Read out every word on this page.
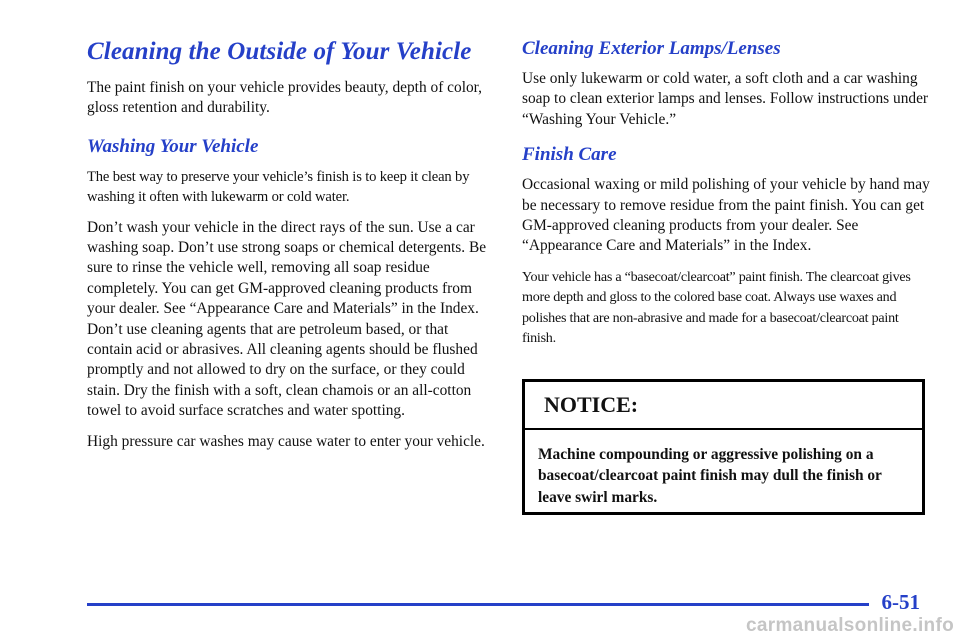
Cleaning the Outside of Your Vehicle

The paint finish on your vehicle provides beauty, depth of color, gloss retention and durability.

Washing Your Vehicle

The best way to preserve your vehicle’s finish is to keep it clean by washing it often with lukewarm or cold water.

Don’t wash your vehicle in the direct rays of the sun. Use a car washing soap. Don’t use strong soaps or chemical detergents. Be sure to rinse the vehicle well, removing all soap residue completely. You can get GM‑approved cleaning products from your dealer. See “Appearance Care and Materials” in the Index. Don’t use cleaning agents that are petroleum based, or that contain acid or abrasives. All cleaning agents should be flushed promptly and not allowed to dry on the surface, or they could stain. Dry the finish with a soft, clean chamois or an all‑cotton towel to avoid surface scratches and water spotting.

High pressure car washes may cause water to enter your vehicle.

Cleaning Exterior Lamps/Lenses

Use only lukewarm or cold water, a soft cloth and a car washing soap to clean exterior lamps and lenses. Follow instructions under “Washing Your Vehicle.”

Finish Care

Occasional waxing or mild polishing of your vehicle by hand may be necessary to remove residue from the paint finish. You can get GM‑approved cleaning products from your dealer. See “Appearance Care and Materials” in the Index.

Your vehicle has a “basecoat/clearcoat” paint finish. The clearcoat gives more depth and gloss to the colored base coat. Always use waxes and polishes that are non‑abrasive and made for a basecoat/clearcoat paint finish.

NOTICE:
Machine compounding or aggressive polishing on a basecoat/clearcoat paint finish may dull the finish or leave swirl marks.
6-51
carmanualsonline.info
